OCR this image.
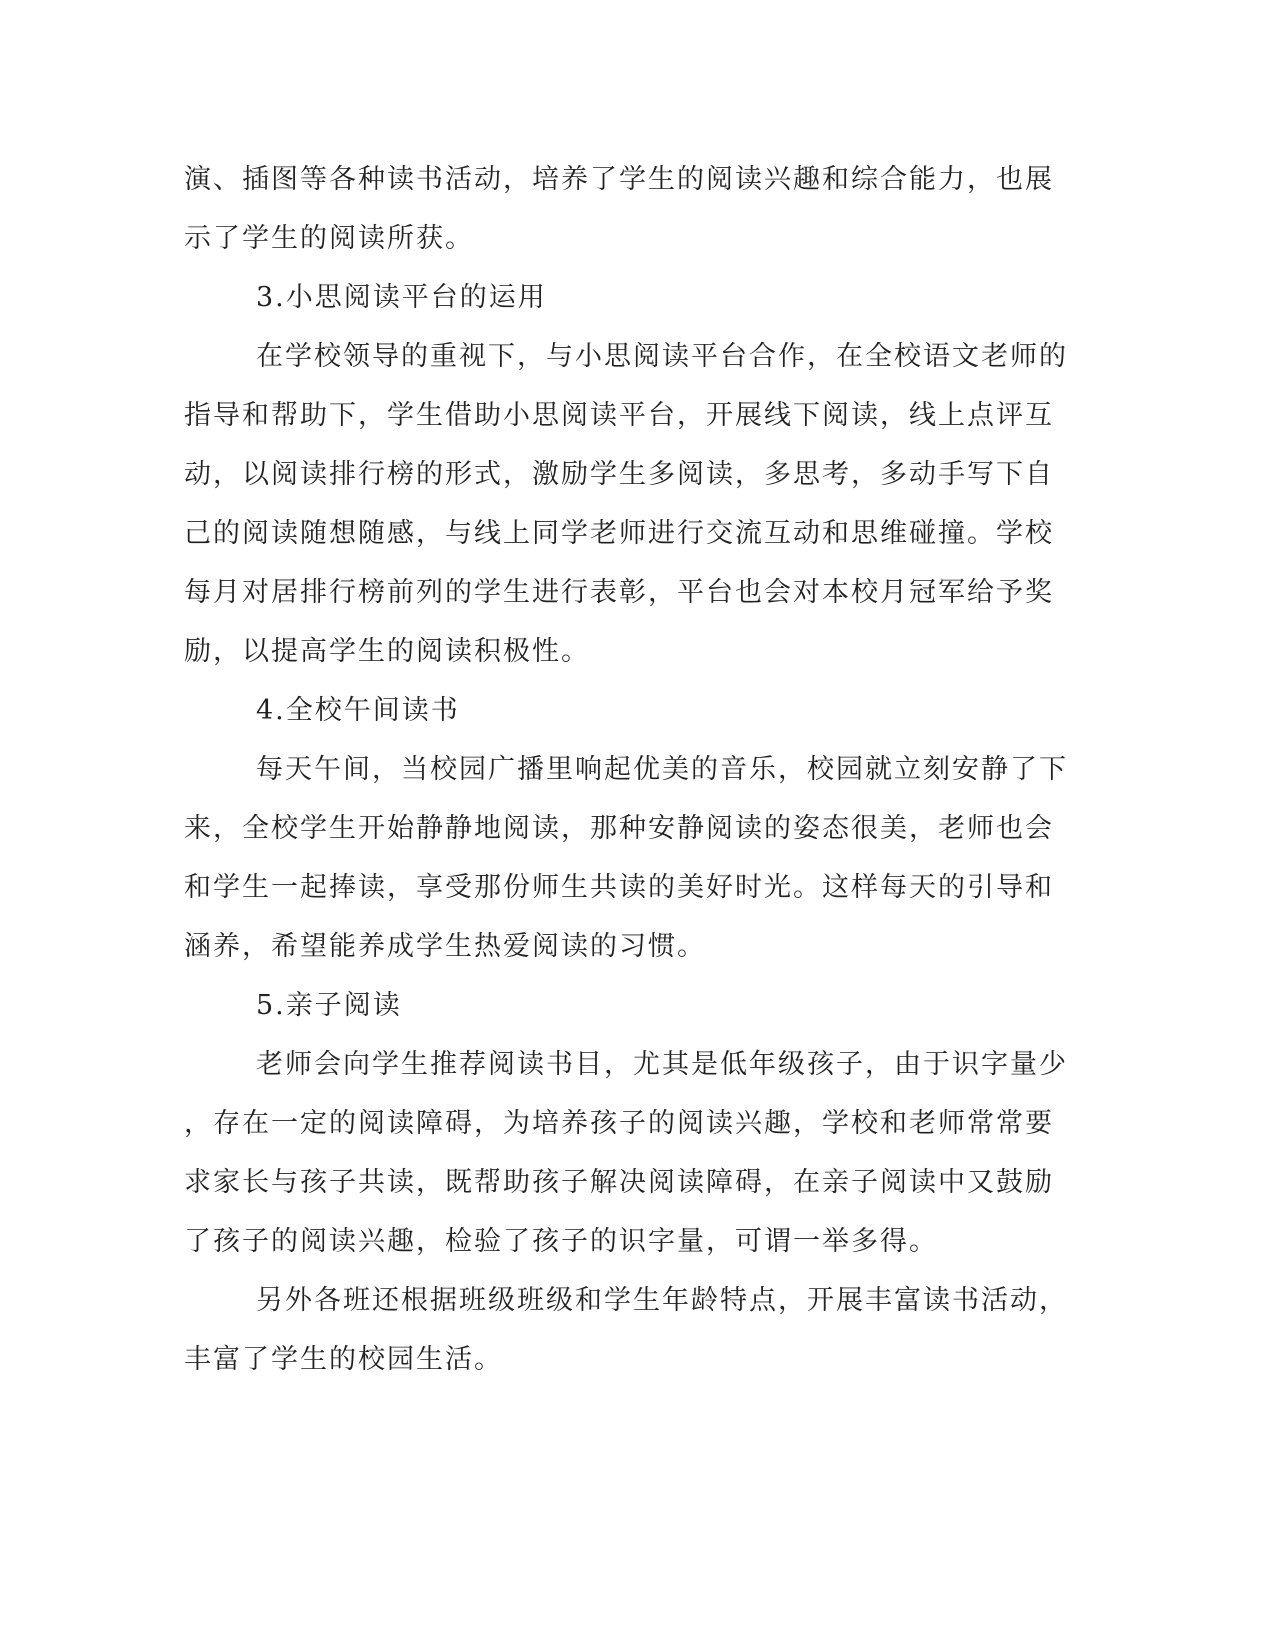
演、插图等各种读书活动，培养了学生的阅读兴趣和综合能力，也展
示了学生的阅读所获。
3.小思阅读平台的运用
在学校领导的重视下，与小思阅读平台合作，在全校语文老师的
指导和帮助下，学生借助小思阅读平台，开展线下阅读，线上点评互
动，以阅读排行榜的形式，激励学生多阅读，多思考，多动手写下自
己的阅读随想随感，与线上同学老师进行交流互动和思维碰撞。学校
每月对居排行榜前列的学生进行表彰，平台也会对本校月冠军给予奖
励，以提高学生的阅读积极性。
4.全校午间读书
每天午间，当校园广播里响起优美的音乐，校园就立刻安静了下
来，全校学生开始静静地阅读，那种安静阅读的姿态很美，老师也会
和学生一起捧读，享受那份师生共读的美好时光。这样每天的引导和
涵养，希望能养成学生热爱阅读的习惯。
5.亲子阅读
老师会向学生推荐阅读书目，尤其是低年级孩子，由于识字量少
，存在一定的阅读障碍，为培养孩子的阅读兴趣，学校和老师常常要
求家长与孩子共读，既帮助孩子解决阅读障碍，在亲子阅读中又鼓励
了孩子的阅读兴趣，检验了孩子的识字量，可谓一举多得。
另外各班还根据班级班级和学生年龄特点，开展丰富读书活动，
丰富了学生的校园生活。
